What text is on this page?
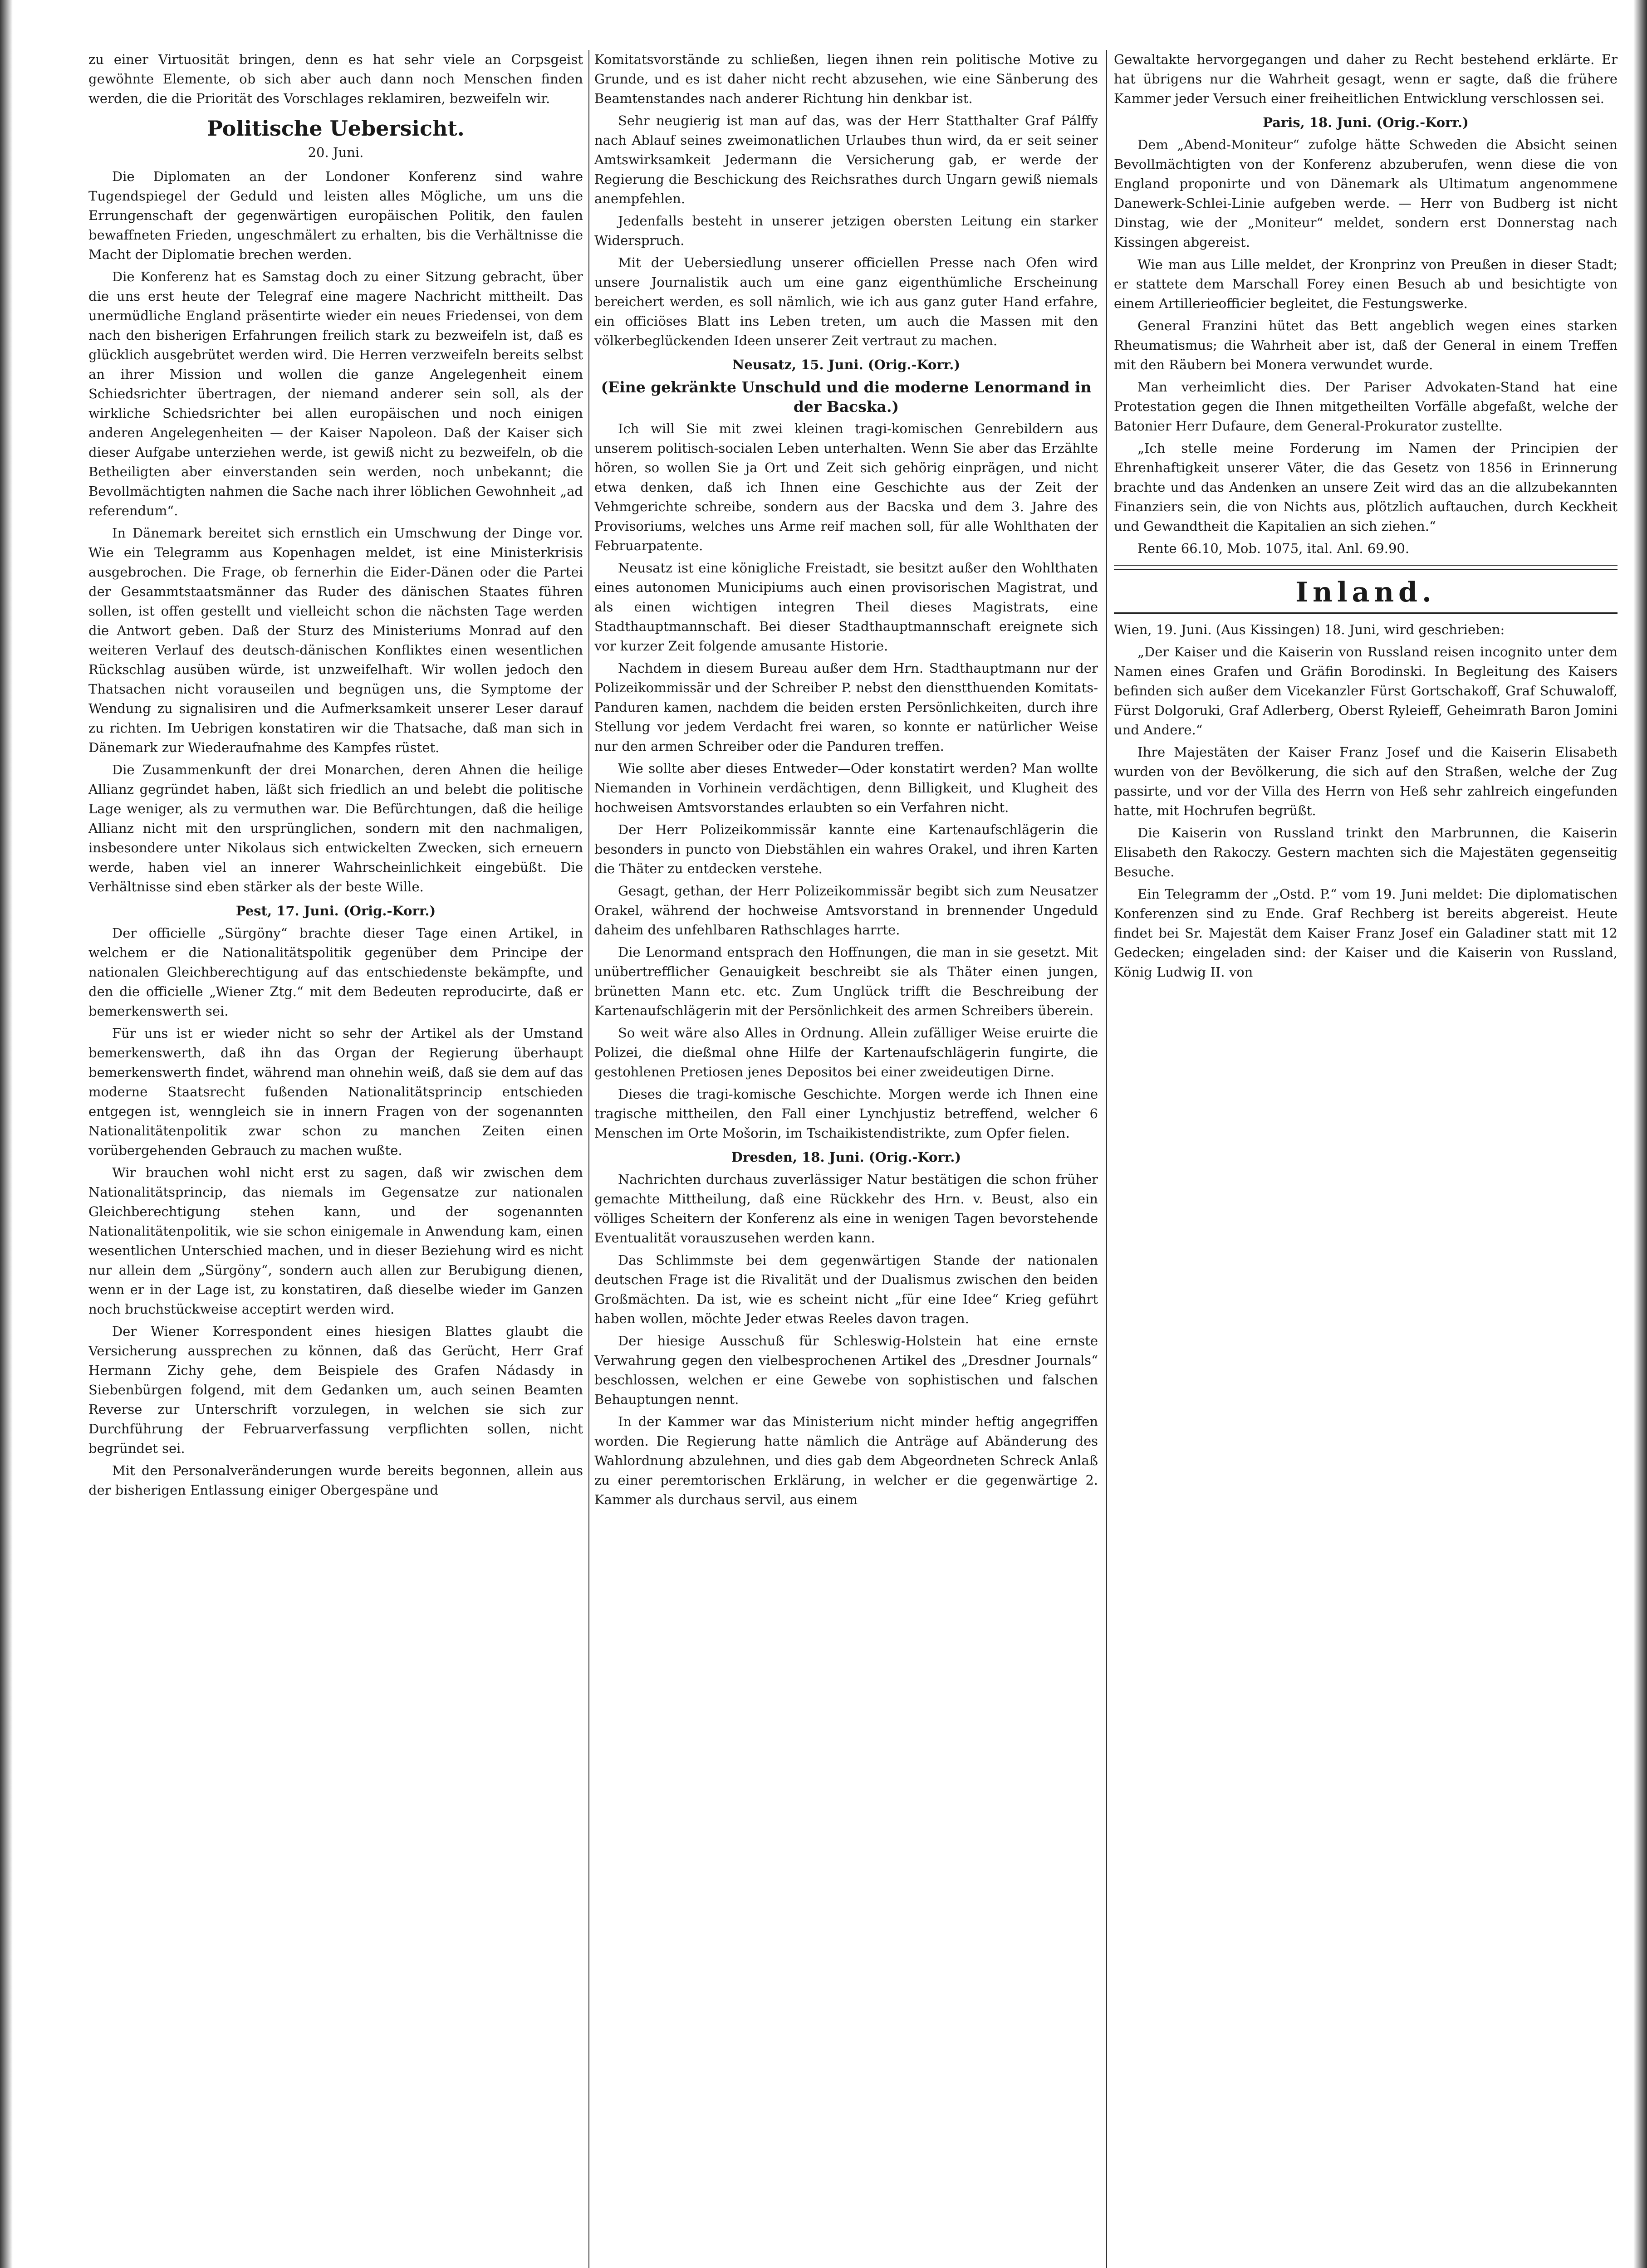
zu einer Virtuosität bringen, denn es hat sehr viele an Corpsgeist gewöhnte Elemente, ob sich aber auch dann noch Menschen finden werden, die die Priorität des Vorschlages reklamiren, bezweifeln wir.

Politische Uebersicht.

20. Juni.

Die Diplomaten an der Londoner Konferenz sind wahre Tugendspiegel der Geduld und leisten alles Mögliche, um uns die Errungenschaft der gegenwärtigen europäischen Politik, den faulen bewaffneten Frieden, ungeschmälert zu erhalten, bis die Verhältnisse die Macht der Diplomatie brechen werden.

Die Konferenz hat es Samstag doch zu einer Sitzung gebracht, über die uns erst heute der Telegraf eine magere Nachricht mittheilt. Das unermüdliche England präsentirte wieder ein neues Friedensei, von dem nach den bisherigen Erfahrungen freilich stark zu bezweifeln ist, daß es glücklich ausgebrütet werden wird. Die Herren verzweifeln bereits selbst an ihrer Mission und wollen die ganze Angelegenheit einem Schiedsrichter übertragen, der niemand anderer sein soll, als der wirkliche Schiedsrichter bei allen europäischen und noch einigen anderen Angelegenheiten — der Kaiser Napoleon. Daß der Kaiser sich dieser Aufgabe unterziehen werde, ist gewiß nicht zu bezweifeln, ob die Betheiligten aber einverstanden sein werden, noch unbekannt; die Bevollmächtigten nahmen die Sache nach ihrer löblichen Gewohnheit „ad referendum“.

In Dänemark bereitet sich ernstlich ein Umschwung der Dinge vor. Wie ein Telegramm aus Kopenhagen meldet, ist eine Ministerkrisis ausgebrochen. Die Frage, ob fernerhin die Eider-Dänen oder die Partei der Gesammtstaatsmänner das Ruder des dänischen Staates führen sollen, ist offen gestellt und vielleicht schon die nächsten Tage werden die Antwort geben. Daß der Sturz des Ministeriums Monrad auf den weiteren Verlauf des deutsch-dänischen Konfliktes einen wesentlichen Rückschlag ausüben würde, ist unzweifelhaft. Wir wollen jedoch den Thatsachen nicht vorauseilen und begnügen uns, die Symptome der Wendung zu signalisiren und die Aufmerksamkeit unserer Leser darauf zu richten. Im Uebrigen konstatiren wir die Thatsache, daß man sich in Dänemark zur Wiederaufnahme des Kampfes rüstet.

Die Zusammenkunft der drei Monarchen, deren Ahnen die heilige Allianz gegründet haben, läßt sich friedlich an und belebt die politische Lage weniger, als zu vermuthen war. Die Befürchtungen, daß die heilige Allianz nicht mit den ursprünglichen, sondern mit den nachmaligen, insbesondere unter Nikolaus sich entwickelten Zwecken, sich erneuern werde, haben viel an innerer Wahrscheinlichkeit eingebüßt. Die Verhältnisse sind eben stärker als der beste Wille.

Pest, 17. Juni. (Orig.-Korr.)

Der officielle „Sürgöny“ brachte dieser Tage einen Artikel, in welchem er die Nationalitätspolitik gegenüber dem Principe der nationalen Gleichberechtigung auf das entschiedenste bekämpfte, und den die officielle „Wiener Ztg.“ mit dem Bedeuten reproducirte, daß er bemerkenswerth sei.

Für uns ist er wieder nicht so sehr der Artikel als der Umstand bemerkenswerth, daß ihn das Organ der Regierung überhaupt bemerkenswerth findet, während man ohnehin weiß, daß sie dem auf das moderne Staatsrecht fußenden Nationalitätsprincip entschieden entgegen ist, wenngleich sie in innern Fragen von der sogenannten Nationalitätenpolitik zwar schon zu manchen Zeiten einen vorübergehenden Gebrauch zu machen wußte.

Wir brauchen wohl nicht erst zu sagen, daß wir zwischen dem Nationalitätsprincip, das niemals im Gegensatze zur nationalen Gleichberechtigung stehen kann, und der sogenannten Nationalitätenpolitik, wie sie schon einigemale in Anwendung kam, einen wesentlichen Unterschied machen, und in dieser Beziehung wird es nicht nur allein dem „Sürgöny“, sondern auch allen zur Berubigung dienen, wenn er in der Lage ist, zu konstatiren, daß dieselbe wieder im Ganzen noch bruchstückweise acceptirt werden wird.

Der Wiener Korrespondent eines hiesigen Blattes glaubt die Versicherung aussprechen zu können, daß das Gerücht, Herr Graf Hermann Zichy gehe, dem Beispiele des Grafen Nádasdy in Siebenbürgen folgend, mit dem Gedanken um, auch seinen Beamten Reverse zur Unterschrift vorzulegen, in welchen sie sich zur Durchführung der Februarverfassung verpflichten sollen, nicht begründet sei.

Mit den Personalveränderungen wurde bereits begonnen, allein aus der bisherigen Entlassung einiger Obergespäne und

Komitatsvorstände zu schließen, liegen ihnen rein politische Motive zu Grunde, und es ist daher nicht recht abzusehen, wie eine Sänberung des Beamtenstandes nach anderer Richtung hin denkbar ist.

Sehr neugierig ist man auf das, was der Herr Statthalter Graf Pálffy nach Ablauf seines zweimonatlichen Urlaubes thun wird, da er seit seiner Amtswirksamkeit Jedermann die Versicherung gab, er werde der Regierung die Beschickung des Reichsrathes durch Ungarn gewiß niemals anempfehlen.

Jedenfalls besteht in unserer jetzigen obersten Leitung ein starker Widerspruch.

Mit der Uebersiedlung unserer officiellen Presse nach Ofen wird unsere Journalistik auch um eine ganz eigenthümliche Erscheinung bereichert werden, es soll nämlich, wie ich aus ganz guter Hand erfahre, ein officiöses Blatt ins Leben treten, um auch die Massen mit den völkerbeglückenden Ideen unserer Zeit vertraut zu machen.

Neusatz, 15. Juni. (Orig.-Korr.)

(Eine gekränkte Unschuld und die moderne Lenormand in der Bacska.)

Ich will Sie mit zwei kleinen tragi-komischen Genrebildern aus unserem politisch-socialen Leben unterhalten. Wenn Sie aber das Erzählte hören, so wollen Sie ja Ort und Zeit sich gehörig einprägen, und nicht etwa denken, daß ich Ihnen eine Geschichte aus der Zeit der Vehmgerichte schreibe, sondern aus der Bacska und dem 3. Jahre des Provisoriums, welches uns Arme reif machen soll, für alle Wohlthaten der Februarpatente.

Neusatz ist eine königliche Freistadt, sie besitzt außer den Wohlthaten eines autonomen Municipiums auch einen provisorischen Magistrat, und als einen wichtigen integren Theil dieses Magistrats, eine Stadthauptmannschaft. Bei dieser Stadthauptmannschaft ereignete sich vor kurzer Zeit folgende amusante Historie.

Nachdem in diesem Bureau außer dem Hrn. Stadthauptmann nur der Polizeikommissär und der Schreiber P. nebst den dienstthuenden Komitats-Panduren kamen, nachdem die beiden ersten Persönlichkeiten, durch ihre Stellung vor jedem Verdacht frei waren, so konnte er natürlicher Weise nur den armen Schreiber oder die Panduren treffen.

Wie sollte aber dieses Entweder—Oder konstatirt werden? Man wollte Niemanden in Vorhinein verdächtigen, denn Billigkeit, und Klugheit des hochweisen Amtsvorstandes erlaubten so ein Verfahren nicht.

Der Herr Polizeikommissär kannte eine Kartenaufschlägerin die besonders in puncto von Diebstählen ein wahres Orakel, und ihren Karten die Thäter zu entdecken verstehe.

Gesagt, gethan, der Herr Polizeikommissär begibt sich zum Neusatzer Orakel, während der hochweise Amtsvorstand in brennender Ungeduld daheim des unfehlbaren Rathschlages harrte.

Die Lenormand entsprach den Hoffnungen, die man in sie gesetzt. Mit unübertrefflicher Genauigkeit beschreibt sie als Thäter einen jungen, brünetten Mann etc. etc. Zum Unglück trifft die Beschreibung der Kartenaufschlägerin mit der Persönlichkeit des armen Schreibers überein.

So weit wäre also Alles in Ordnung. Allein zufälliger Weise eruirte die Polizei, die dießmal ohne Hilfe der Kartenaufschlägerin fungirte, die gestohlenen Pretiosen jenes Depositos bei einer zweideutigen Dirne.

Dieses die tragi-komische Geschichte. Morgen werde ich Ihnen eine tragische mittheilen, den Fall einer Lynchjustiz betreffend, welcher 6 Menschen im Orte Mošorin, im Tschaikistendistrikte, zum Opfer fielen.

Dresden, 18. Juni. (Orig.-Korr.)

Nachrichten durchaus zuverlässiger Natur bestätigen die schon früher gemachte Mittheilung, daß eine Rückkehr des Hrn. v. Beust, also ein völliges Scheitern der Konferenz als eine in wenigen Tagen bevorstehende Eventualität vorauszusehen werden kann.

Das Schlimmste bei dem gegenwärtigen Stande der nationalen deutschen Frage ist die Rivalität und der Dualismus zwischen den beiden Großmächten. Da ist, wie es scheint nicht „für eine Idee“ Krieg geführt haben wollen, möchte Jeder etwas Reeles davon tragen.

Der hiesige Ausschuß für Schleswig-Holstein hat eine ernste Verwahrung gegen den vielbesprochenen Artikel des „Dresdner Journals“ beschlossen, welchen er eine Gewebe von sophistischen und falschen Behauptungen nennt.

In der Kammer war das Ministerium nicht minder heftig angegriffen worden. Die Regierung hatte nämlich die Anträge auf Abänderung des Wahlordnung abzulehnen, und dies gab dem Abgeordneten Schreck Anlaß zu einer peremtorischen Erklärung, in welcher er die gegenwärtige 2. Kammer als durchaus servil, aus einem

Gewaltakte hervorgegangen und daher zu Recht bestehend erklärte. Er hat übrigens nur die Wahrheit gesagt, wenn er sagte, daß die frühere Kammer jeder Versuch einer freiheitlichen Entwicklung verschlossen sei.

Paris, 18. Juni. (Orig.-Korr.)

Dem „Abend-Moniteur“ zufolge hätte Schweden die Absicht seinen Bevollmächtigten von der Konferenz abzuberufen, wenn diese die von England proponirte und von Dänemark als Ultimatum angenommene Danewerk-Schlei-Linie aufgeben werde. — Herr von Budberg ist nicht Dinstag, wie der „Moniteur“ meldet, sondern erst Donnerstag nach Kissingen abgereist.

Wie man aus Lille meldet, der Kronprinz von Preußen in dieser Stadt; er stattete dem Marschall Forey einen Besuch ab und besichtigte von einem Artillerieofficier begleitet, die Festungswerke.

General Franzini hütet das Bett angeblich wegen eines starken Rheumatismus; die Wahrheit aber ist, daß der General in einem Treffen mit den Räubern bei Monera verwundet wurde.

Man verheimlicht dies. Der Pariser Advokaten-Stand hat eine Protestation gegen die Ihnen mitgetheilten Vorfälle abgefaßt, welche der Batonier Herr Dufaure, dem General-Prokurator zustellte.

„Ich stelle meine Forderung im Namen der Principien der Ehrenhaftigkeit unserer Väter, die das Gesetz von 1856 in Erinnerung brachte und das Andenken an unsere Zeit wird das an die allzubekannten Finanziers sein, die von Nichts aus, plötzlich auftauchen, durch Keckheit und Gewandtheit die Kapitalien an sich ziehen.“

Rente 66.10, Mob. 1075, ital. Anl. 69.90.

Inland.

Wien, 19. Juni. (Aus Kissingen) 18. Juni, wird geschrieben:

„Der Kaiser und die Kaiserin von Russland reisen incognito unter dem Namen eines Grafen und Gräfin Borodinski. In Begleitung des Kaisers befinden sich außer dem Vicekanzler Fürst Gortschakoff, Graf Schuwaloff, Fürst Dolgoruki, Graf Adlerberg, Oberst Ryleieff, Geheimrath Baron Jomini und Andere.“

Ihre Majestäten der Kaiser Franz Josef und die Kaiserin Elisabeth wurden von der Bevölkerung, die sich auf den Straßen, welche der Zug passirte, und vor der Villa des Herrn von Heß sehr zahlreich eingefunden hatte, mit Hochrufen begrüßt.

Die Kaiserin von Russland trinkt den Marbrunnen, die Kaiserin Elisabeth den Rakoczy. Gestern machten sich die Majestäten gegenseitig Besuche.

Ein Telegramm der „Ostd. P.“ vom 19. Juni meldet: Die diplomatischen Konferenzen sind zu Ende. Graf Rechberg ist bereits abgereist. Heute findet bei Sr. Majestät dem Kaiser Franz Josef ein Galadiner statt mit 12 Gedecken; eingeladen sind: der Kaiser und die Kaiserin von Russland, König Ludwig II. von
